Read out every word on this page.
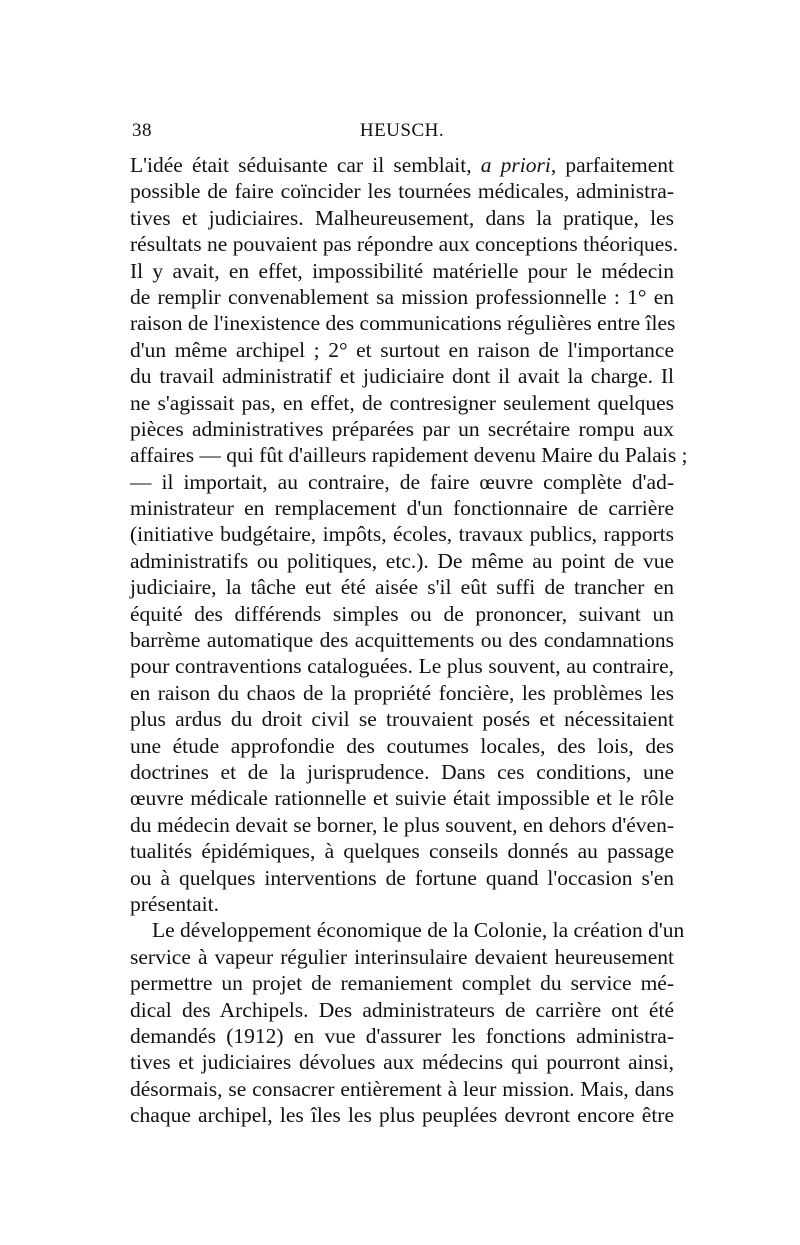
38	HEUSCH.
L'idée était séduisante car il semblait, a priori, parfaitement
possible de faire coïncider les tournées médicales, administra-
tives et judiciaires. Malheureusement, dans la pratique, les
résultats ne pouvaient pas répondre aux conceptions théoriques.
Il y avait, en effet, impossibilité matérielle pour le médecin
de remplir convenablement sa mission professionnelle : 1° en
raison de l'inexistence des communications régulières entre îles
d'un même archipel ; 2° et surtout en raison de l'importance
du travail administratif et judiciaire dont il avait la charge. Il
ne s'agissait pas, en effet, de contresigner seulement quelques
pièces administratives préparées par un secrétaire rompu aux
affaires — qui fût d'ailleurs rapidement devenu Maire du Palais ;
— il importait, au contraire, de faire œuvre complète d'ad-
ministrateur en remplacement d'un fonctionnaire de carrière
(initiative budgétaire, impôts, écoles, travaux publics, rapports
administratifs ou politiques, etc.). De même au point de vue
judiciaire, la tâche eut été aisée s'il eût suffi de trancher en
équité des différends simples ou de prononcer, suivant un
barrème automatique des acquittements ou des condamnations
pour contraventions cataloguées. Le plus souvent, au contraire,
en raison du chaos de la propriété foncière, les problèmes les
plus ardus du droit civil se trouvaient posés et nécessitaient
une étude approfondie des coutumes locales, des lois, des
doctrines et de la jurisprudence. Dans ces conditions, une
œuvre médicale rationnelle et suivie était impossible et le rôle
du médecin devait se borner, le plus souvent, en dehors d'éven-
tualités épidémiques, à quelques conseils donnés au passage
ou à quelques interventions de fortune quand l'occasion s'en
présentait.
Le développement économique de la Colonie, la création d'un
service à vapeur régulier interinsulaire devaient heureusement
permettre un projet de remaniement complet du service mé-
dical des Archipels. Des administrateurs de carrière ont été
demandés (1912) en vue d'assurer les fonctions administra-
tives et judiciaires dévolues aux médecins qui pourront ainsi,
désormais, se consacrer entièrement à leur mission. Mais, dans
chaque archipel, les îles les plus peuplées devront encore être
